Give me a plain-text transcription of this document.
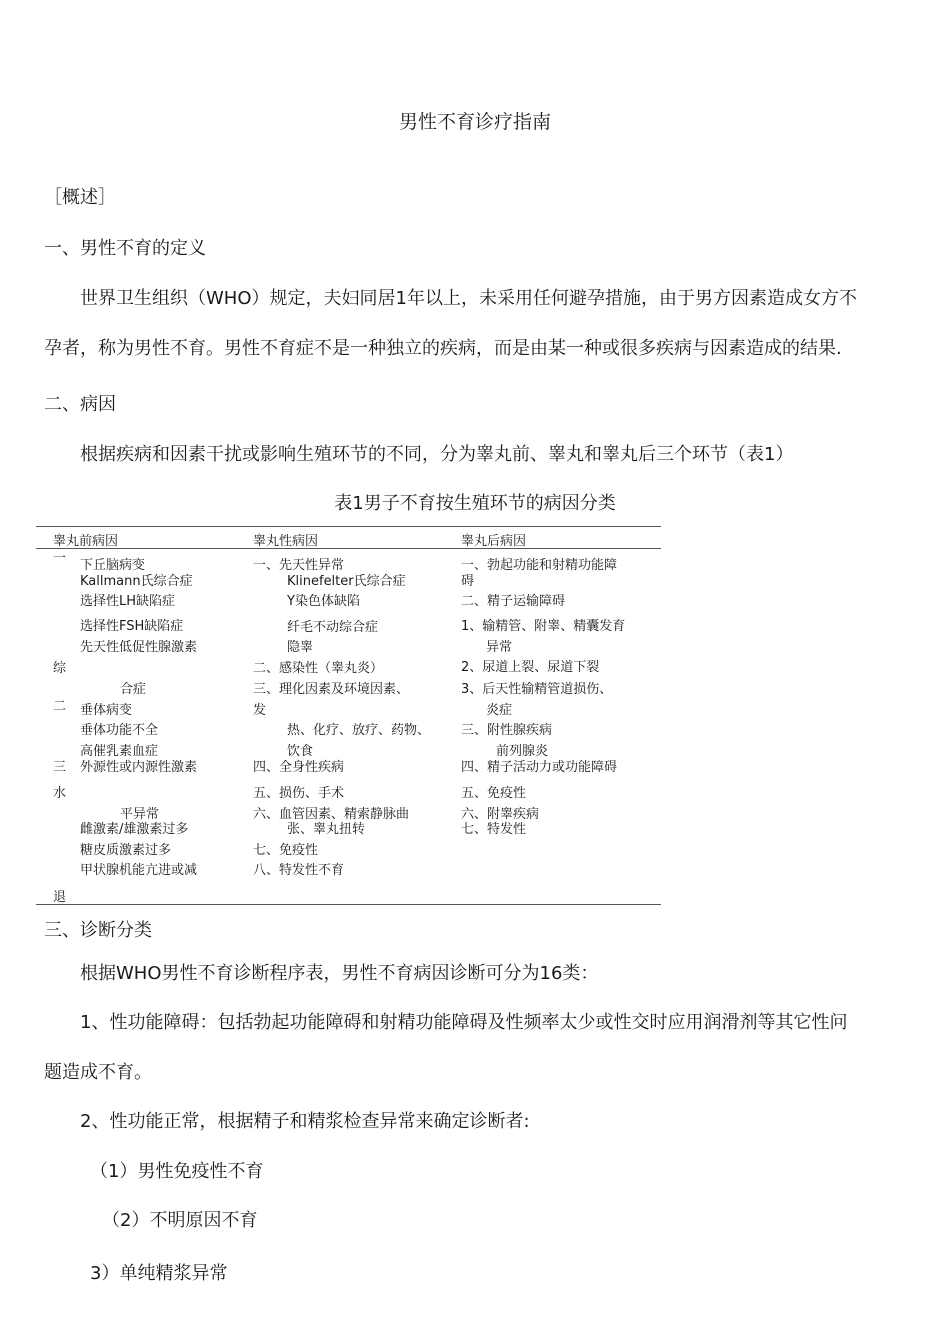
男性不育诊疗指南
［概述］
一、男性不育的定义
世界卫生组织（WHO）规定，夫妇同居1年以上，未采用任何避孕措施，由于男方因素造成女方不
孕者，称为男性不育。男性不育症不是一种独立的疾病，而是由某一种或很多疾病与因素造成的结果.
二、病因
根据疾病和因素干扰或影响生殖环节的不同，分为睾丸前、睾丸和睾丸后三个环节（表1）
表1男子不育按生殖环节的病因分类
睾丸前病因	睾丸性病因	睾丸后病因
一 下丘脑病变
Kallmann氏综合症
选择性LH缺陷症
选择性FSH缺陷症
先天性低促性腺激素
综
合症
二 垂体病变
垂体功能不全
高催乳素血症
三 外源性或内源性激素
水
平异常
雌激素/雄激素过多
糖皮质激素过多
甲状腺机能亢进或减
退
一、先天性异常
Klinefelter氏综合症
Y染色体缺陷
纤毛不动综合症
隐睾
二、感染性（睾丸炎）
三、理化因素及环境因素、
发
热、化疗、放疗、药物、
饮食
四、全身性疾病
五、损伤、手术
六、血管因素、精索静脉曲
张、睾丸扭转
七、免疫性
八、特发性不育
一、勃起功能和射精功能障
碍
二、精子运输障碍
1、输精管、附睾、精囊发育
异常
2、尿道上裂、尿道下裂
3、后天性输精管道损伤、
炎症
三、附性腺疾病
前列腺炎
四、精子活动力或功能障碍
五、免疫性
六、附睾疾病
七、特发性
三、诊断分类
根据WHO男性不育诊断程序表，男性不育病因诊断可分为16类：
1、性功能障碍：包括勃起功能障碍和射精功能障碍及性频率太少或性交时应用润滑剂等其它性问
题造成不育。
2、性功能正常，根据精子和精浆检查异常来确定诊断者:
（1）男性免疫性不育
（2）不明原因不育
3）单纯精浆异常
